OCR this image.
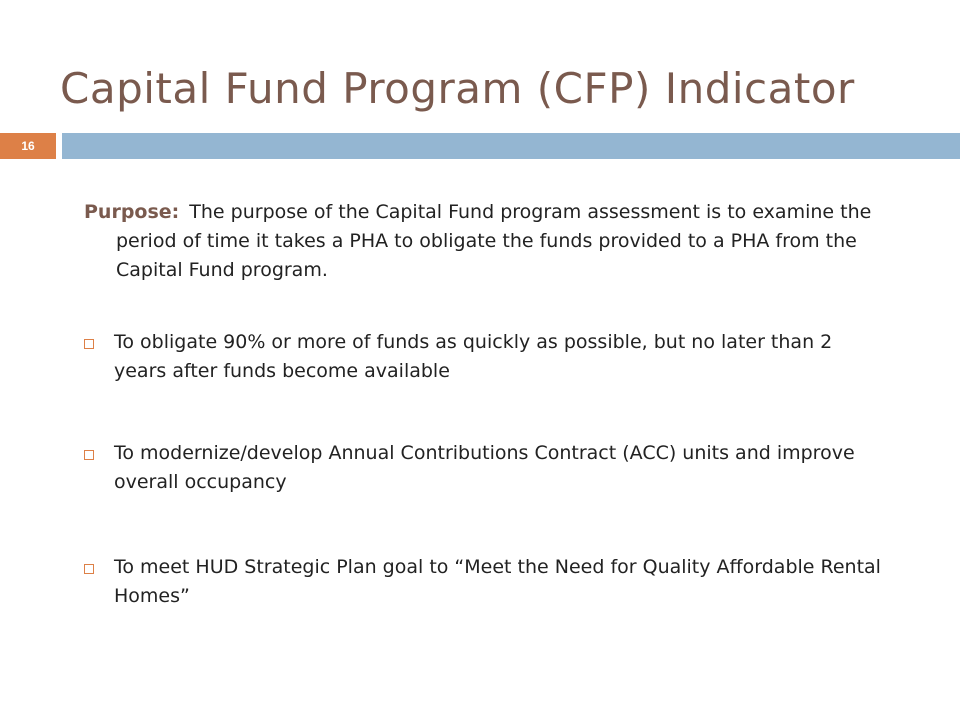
Capital Fund Program (CFP) Indicator
16

Purpose: The purpose of the Capital Fund program assessment is to examine the period of time it takes a PHA to obligate the funds provided to a PHA from the Capital Fund program.

To obligate 90% or more of funds as quickly as possible, but no later than 2 years after funds become available
To modernize/develop Annual Contributions Contract (ACC) units and improve overall occupancy
To meet HUD Strategic Plan goal to “Meet the Need for Quality Affordable Rental Homes”
